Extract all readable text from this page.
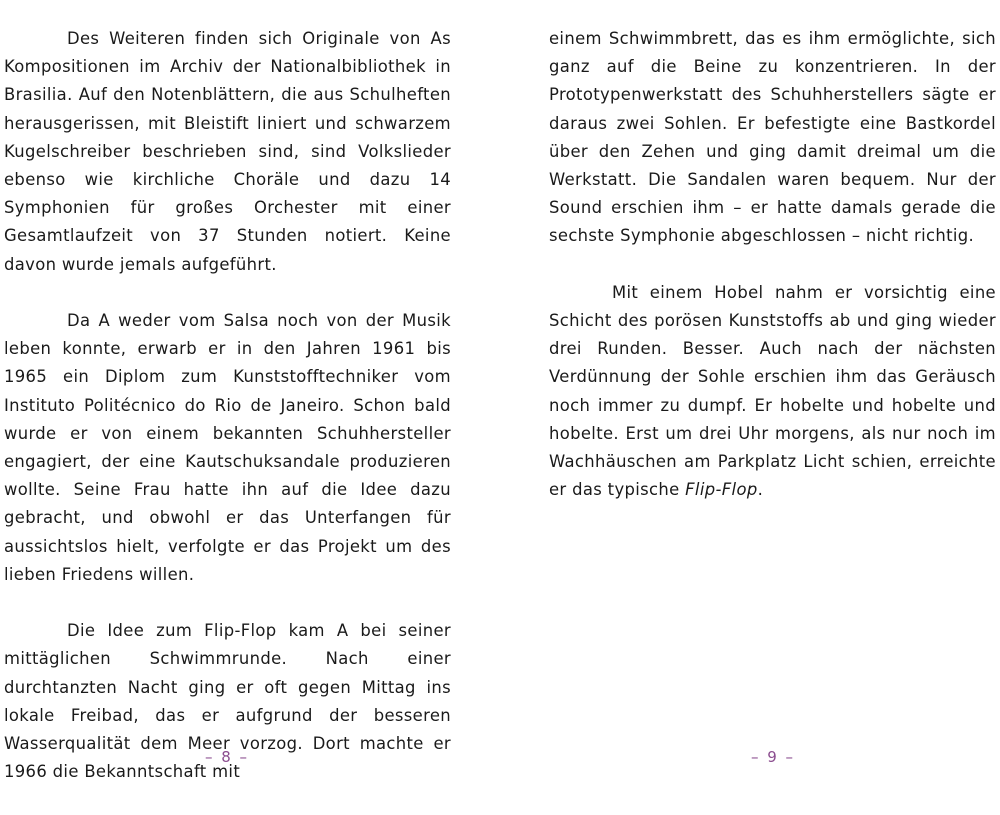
Des Weiteren finden sich Originale von As Kompositionen im Archiv der Nationalbibliothek in Brasilia. Auf den Notenblättern, die aus Schulheften herausgerissen, mit Bleistift liniert und schwarzem Kugelschreiber beschrieben sind, sind Volkslieder ebenso wie kirchliche Choräle und dazu 14 Symphonien für großes Orchester mit einer Gesamtlaufzeit von 37 Stunden notiert. Keine davon wurde jemals aufgeführt.

Da A weder vom Salsa noch von der Musik leben konnte, erwarb er in den Jahren 1961 bis 1965 ein Diplom zum Kunststofftechniker vom Instituto Politécnico do Rio de Janeiro. Schon bald wurde er von einem bekannten Schuhhersteller engagiert, der eine Kautschuksandale produzieren wollte. Seine Frau hatte ihn auf die Idee dazu gebracht, und obwohl er das Unterfangen für aussichtslos hielt, verfolgte er das Projekt um des lieben Friedens willen.

Die Idee zum Flip-Flop kam A bei seiner mittäglichen Schwimmrunde. Nach einer durchtanzten Nacht ging er oft gegen Mittag ins lokale Freibad, das er aufgrund der besseren Wasserqualität dem Meer vorzog. Dort machte er 1966 die Bekanntschaft mit

– 8 –

einem Schwimmbrett, das es ihm ermöglichte, sich ganz auf die Beine zu konzentrieren. In der Prototypenwerkstatt des Schuhherstellers sägte er daraus zwei Sohlen. Er befestigte eine Bastkordel über den Zehen und ging damit dreimal um die Werkstatt. Die Sandalen waren bequem. Nur der Sound erschien ihm – er hatte damals gerade die sechste Symphonie abgeschlossen – nicht richtig.

Mit einem Hobel nahm er vorsichtig eine Schicht des porösen Kunststoffs ab und ging wieder drei Runden. Besser. Auch nach der nächsten Verdünnung der Sohle erschien ihm das Geräusch noch immer zu dumpf. Er hobelte und hobelte und hobelte. Erst um drei Uhr morgens, als nur noch im Wachhäuschen am Parkplatz Licht schien, erreichte er das typische Flip-Flop.

– 9 –
